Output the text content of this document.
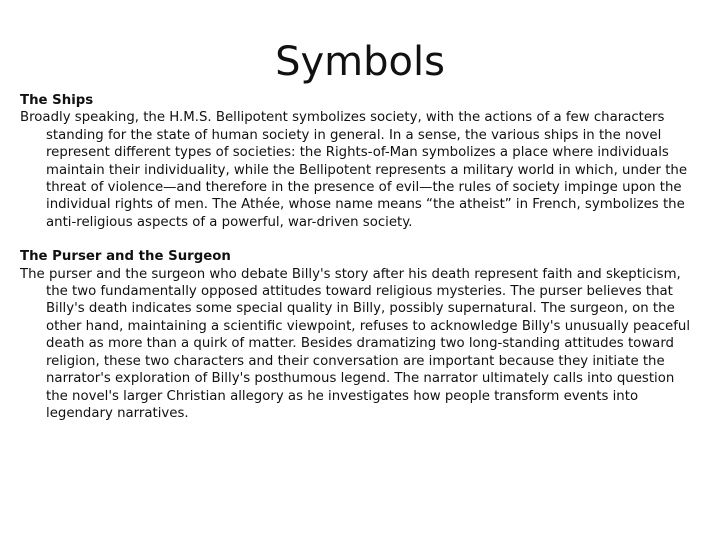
Symbols
The Ships

Broadly speaking, the H.M.S. Bellipotent symbolizes society, with the actions of a few characters standing for the state of human society in general. In a sense, the various ships in the novel represent different types of societies: the Rights-of-Man symbolizes a place where individuals maintain their individuality, while the Bellipotent represents a military world in which, under the threat of violence—and therefore in the presence of evil—the rules of society impinge upon the individual rights of men. The Athée, whose name means “the atheist” in French, symbolizes the anti-religious aspects of a powerful, war-driven society.

The Purser and the Surgeon

The purser and the surgeon who debate Billy's story after his death represent faith and skepticism, the two fundamentally opposed attitudes toward religious mysteries. The purser believes that Billy's death indicates some special quality in Billy, possibly supernatural. The surgeon, on the other hand, maintaining a scientific viewpoint, refuses to acknowledge Billy's unusually peaceful death as more than a quirk of matter. Besides dramatizing two long-standing attitudes toward religion, these two characters and their conversation are important because they initiate the narrator's exploration of Billy's posthumous legend. The narrator ultimately calls into question the novel's larger Christian allegory as he investigates how people transform events into legendary narratives.
